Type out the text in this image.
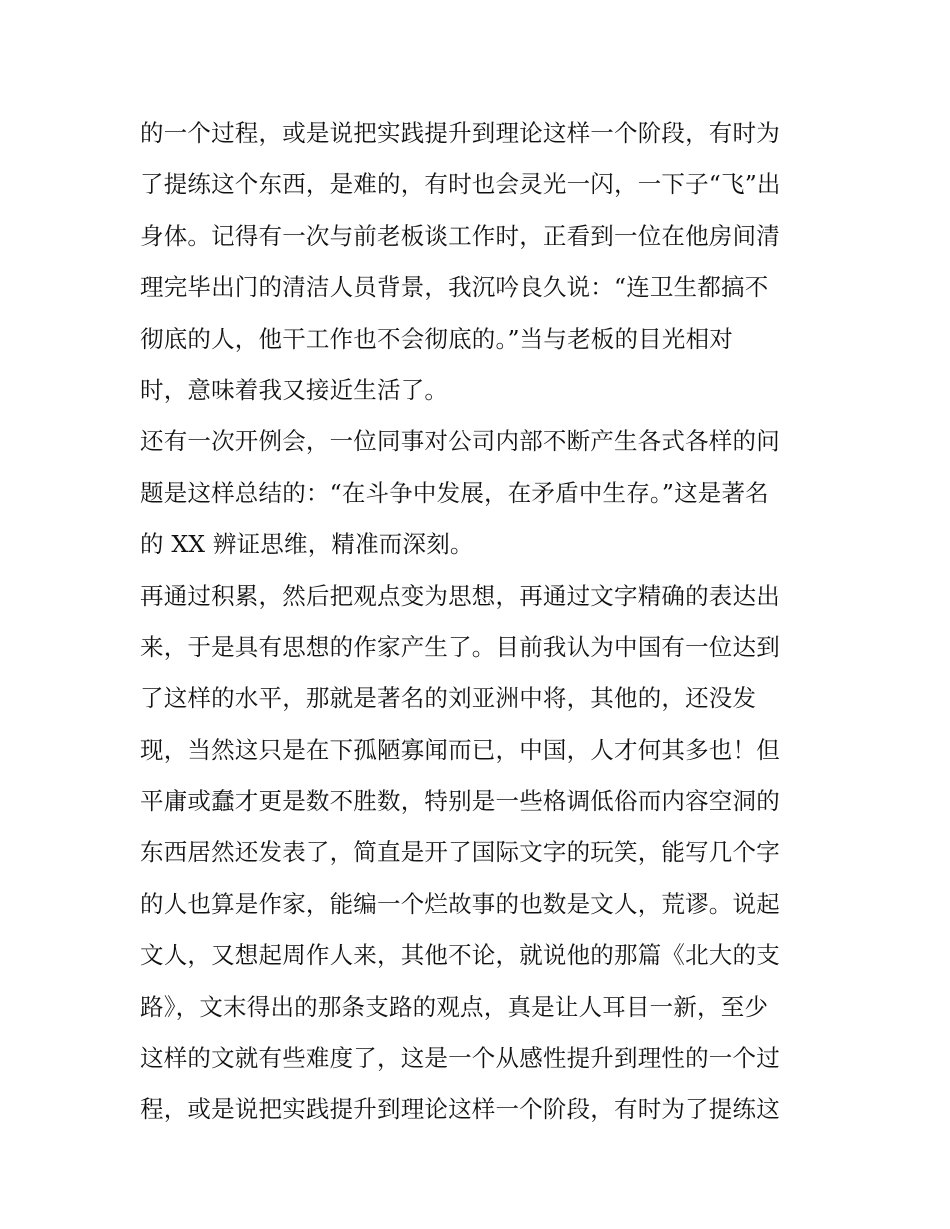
的一个过程，或是说把实践提升到理论这样一个阶段，有时为
了提练这个东西，是难的，有时也会灵光一闪，一下子“飞”出
身体。记得有一次与前老板谈工作时，正看到一位在他房间清
理完毕出门的清洁人员背景，我沉吟良久说：“连卫生都搞不
彻底的人，他干工作也不会彻底的。”当与老板的目光相对
时，意味着我又接近生活了。
还有一次开例会，一位同事对公司内部不断产生各式各样的问
题是这样总结的：“在斗争中发展，在矛盾中生存。”这是著名
的 XX 辨证思维，精准而深刻。
再通过积累，然后把观点变为思想，再通过文字精确的表达出
来，于是具有思想的作家产生了。目前我认为中国有一位达到
了这样的水平，那就是著名的刘亚洲中将，其他的，还没发
现，当然这只是在下孤陋寡闻而已，中国，人才何其多也！但
平庸或蠢才更是数不胜数，特别是一些格调低俗而内容空洞的
东西居然还发表了，简直是开了国际文字的玩笑，能写几个字
的人也算是作家，能编一个烂故事的也数是文人，荒谬。说起
文人，又想起周作人来，其他不论，就说他的那篇《北大的支
路》，文末得出的那条支路的观点，真是让人耳目一新，至少
这样的文就有些难度了，这是一个从感性提升到理性的一个过
程，或是说把实践提升到理论这样一个阶段，有时为了提练这
